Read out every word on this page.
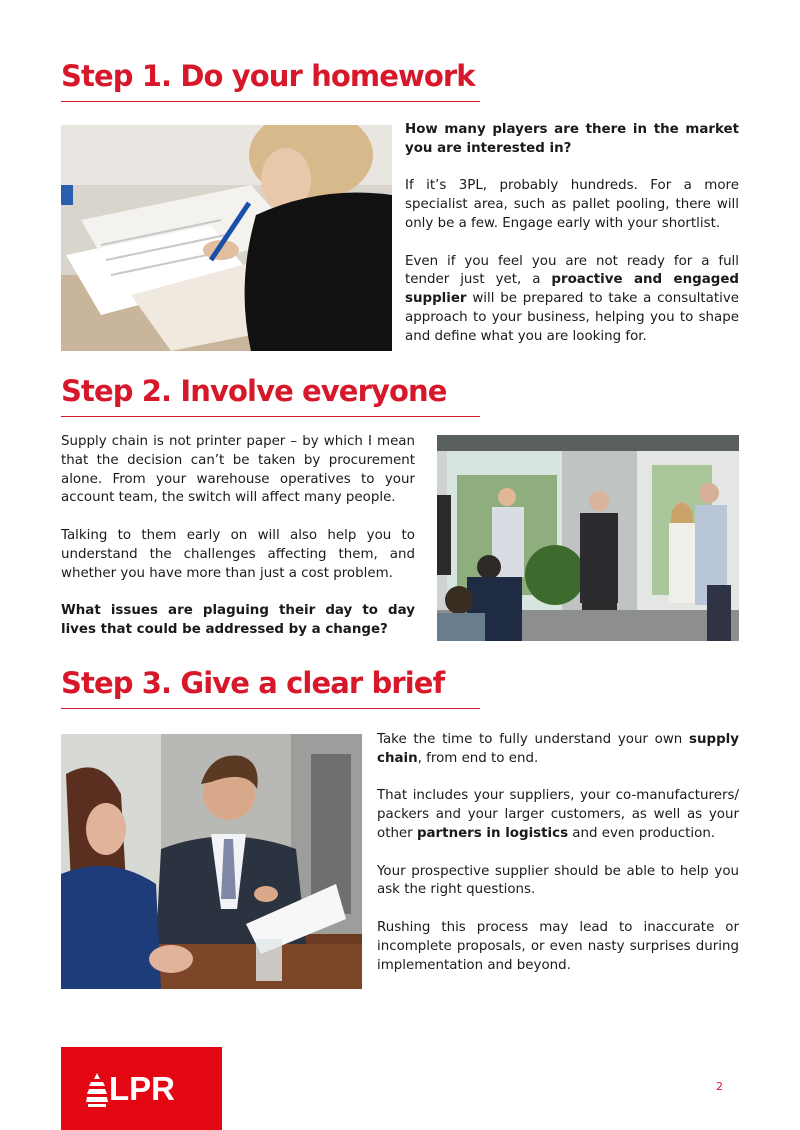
Step 1. Do your homework

How many players are there in the market you are interested in?

If it’s 3PL, probably hundreds. For a more specialist area, such as pallet pooling, there will only be a few. Engage early with your shortlist.

Even if you feel you are not ready for a full tender just yet, a proactive and engaged supplier will be prepared to take a consultative approach to your business, helping you to shape and define what you are looking for.

Step 2. Involve everyone

Supply chain is not printer paper – by which I mean that the decision can’t be taken by procurement alone. From your warehouse operatives to your account team, the switch will affect many people.

Talking to them early on will also help you to understand the challenges affecting them, and whether you have more than just a cost problem.

What issues are plaguing their day to day lives that could be addressed by a change?

Step 3. Give a clear brief

Take the time to fully understand your own supply chain, from end to end.

That includes your suppliers, your co-manufacturers/ packers and your larger customers, as well as your other partners in logistics and even production.

Your prospective supplier should be able to help you ask the right questions.

Rushing this process may lead to inaccurate or incomplete proposals, or even nasty surprises during implementation and beyond.

LPR	2
